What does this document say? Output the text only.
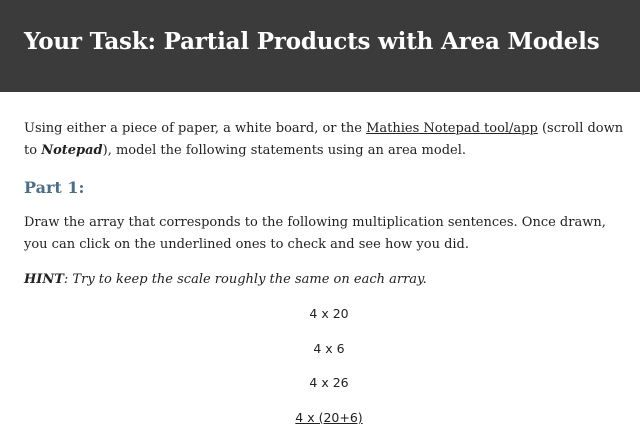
Your Task: Partial Products with Area Models

Using either a piece of paper, a white board, or the Mathies Notepad tool/app (scroll down to Notepad), model the following statements using an area model.

Part 1:

Draw the array that corresponds to the following multiplication sentences. Once drawn, you can click on the underlined ones to check and see how you did.

HINT: Try to keep the scale roughly the same on each array.

4 x 20

4 x 6

4 x 26

4 x (20+6)
